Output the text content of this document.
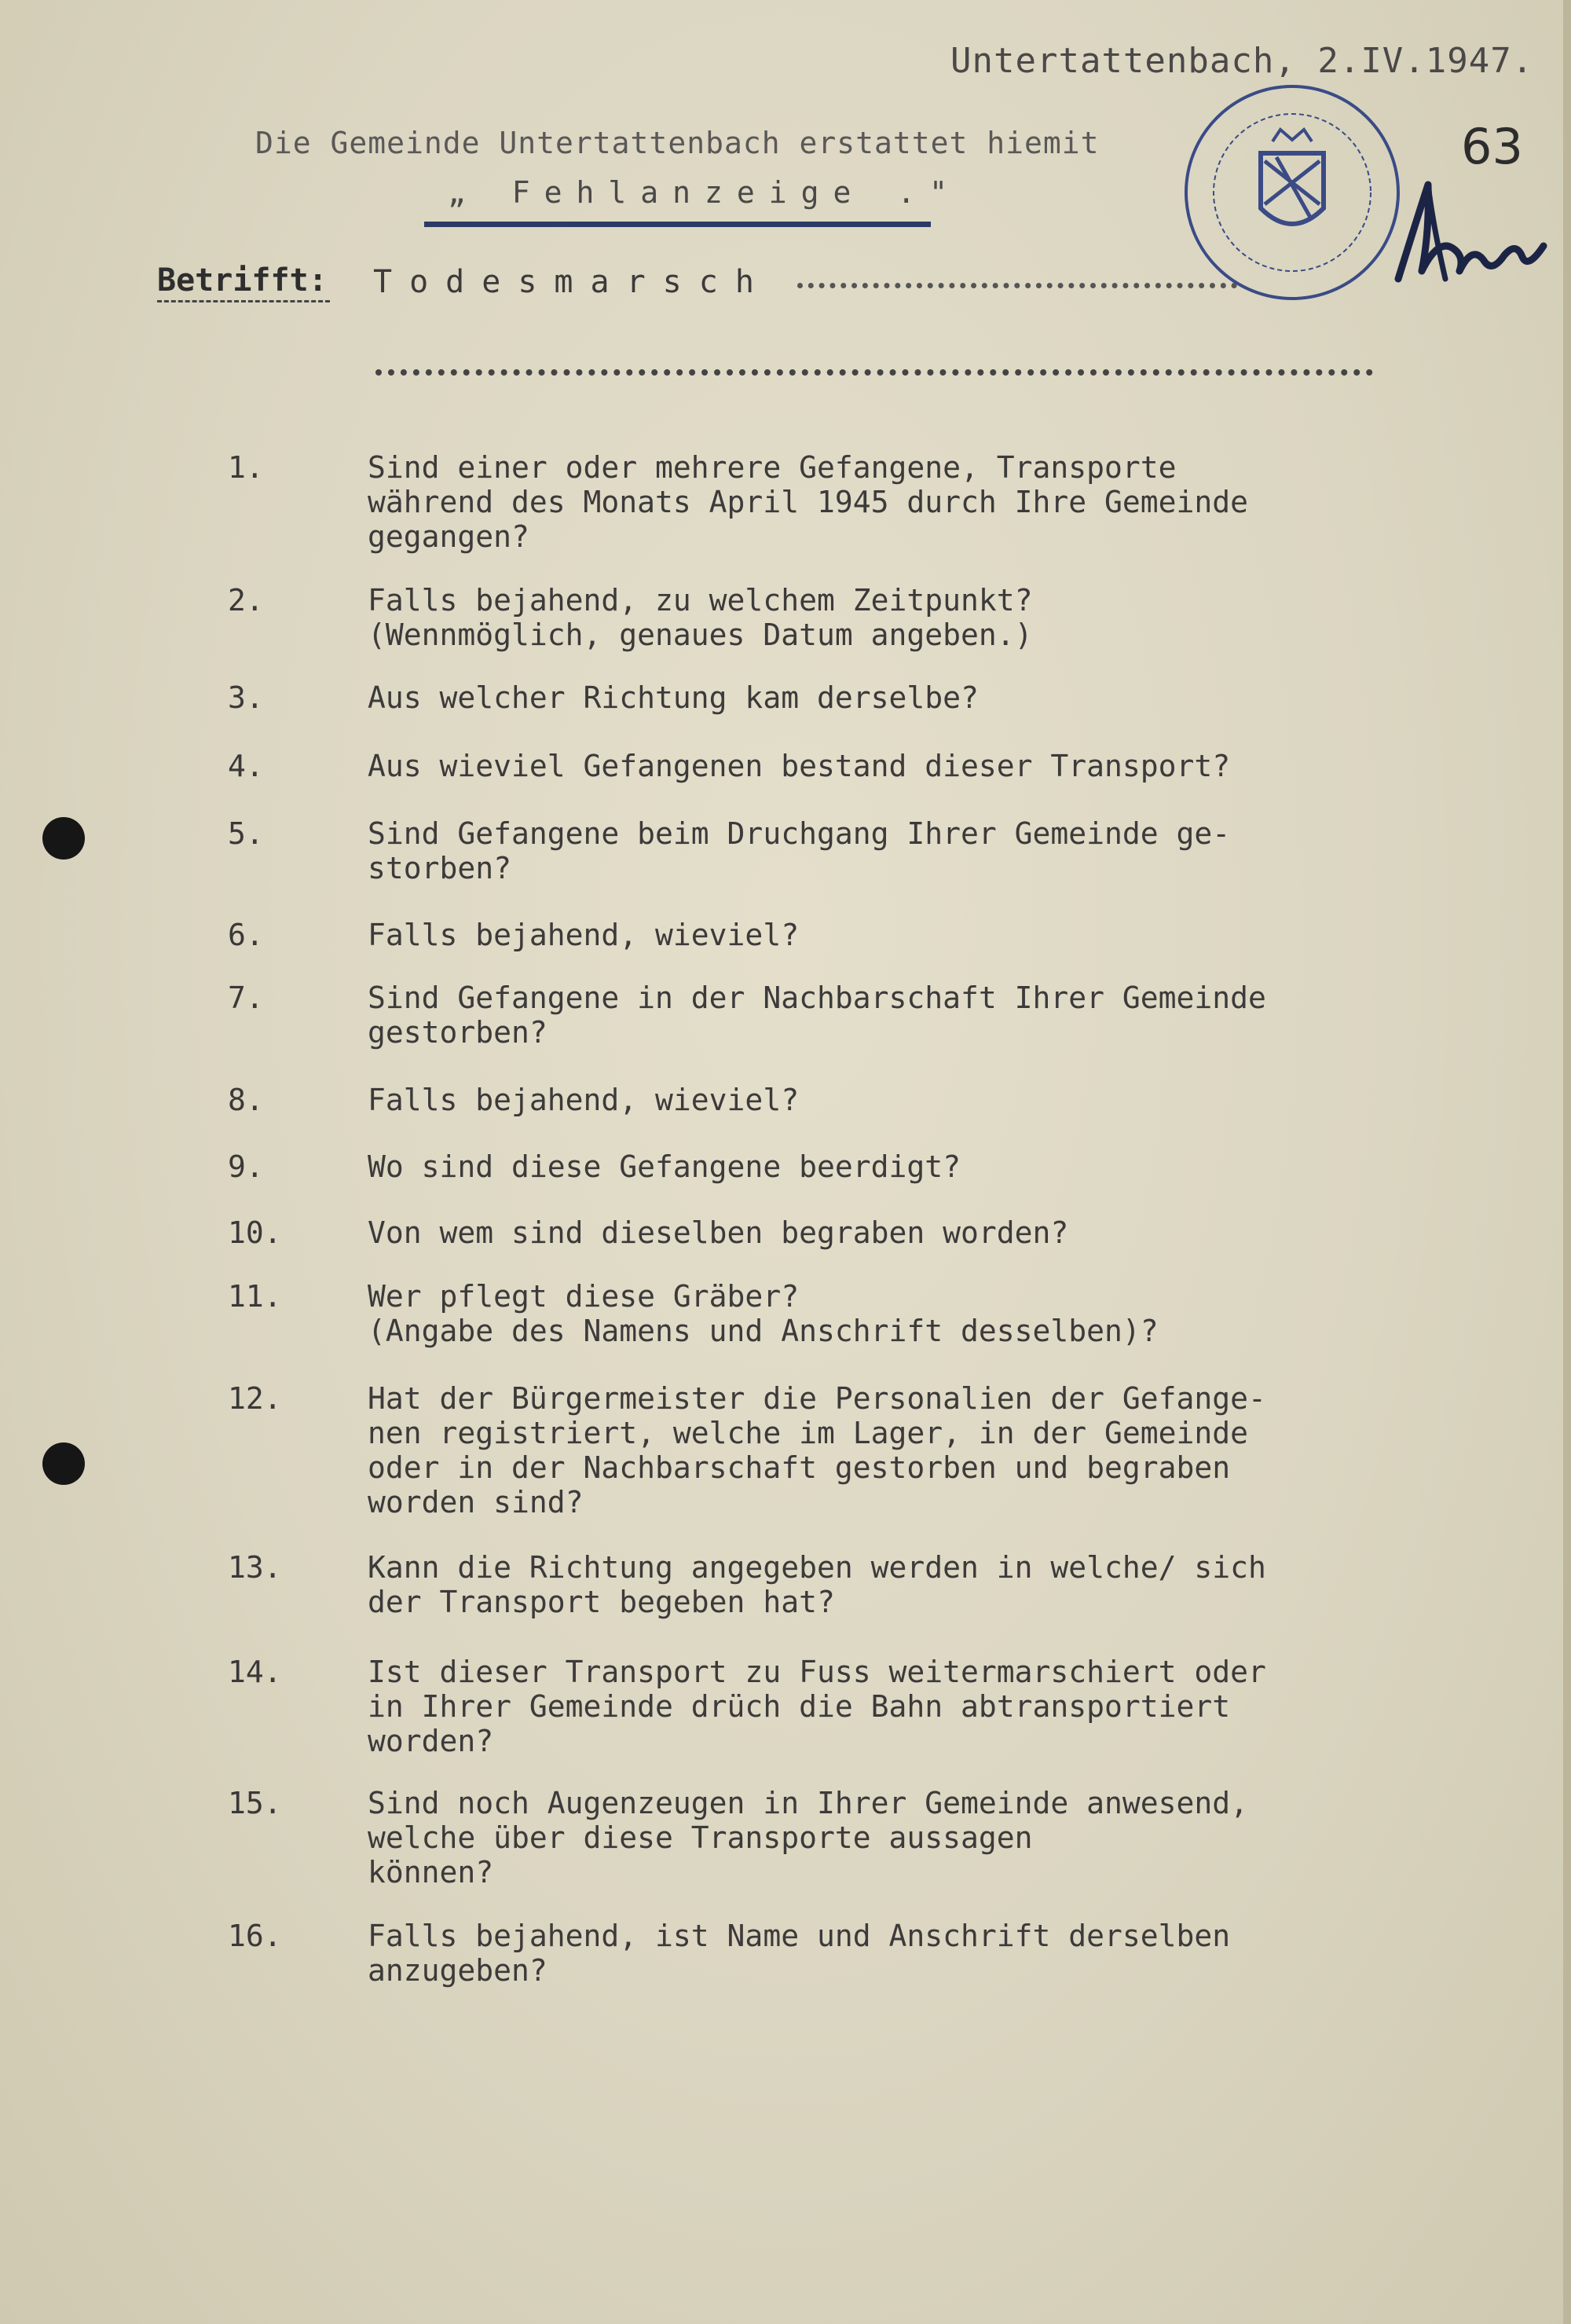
Untertattenbach, 2.IV.1947.
63
Die Gemeinde Untertattenbach erstattet hiemit
„ Fehlanzeige ."
Betrifft: Todesmarsch
1.	Sind einer oder mehrere Gefangene, Transporte
während des Monats April 1945 durch Ihre Gemeinde
gegangen?
2.	Falls bejahend, zu welchem Zeitpunkt?
(Wennmöglich, genaues Datum angeben.)
3.	Aus welcher Richtung kam derselbe?
4.	Aus wieviel Gefangenen bestand dieser Transport?
5.	Sind Gefangene beim Druchgang Ihrer Gemeinde ge-
storben?
6.	Falls bejahend, wieviel?
7.	Sind Gefangene in der Nachbarschaft Ihrer Gemeinde
gestorben?
8.	Falls bejahend, wieviel?
9.	Wo sind diese Gefangene beerdigt?
10.	Von wem sind dieselben begraben worden?
11.	Wer pflegt diese Gräber?
(Angabe des Namens und Anschrift desselben)?
12.	Hat der Bürgermeister die Personalien der Gefange-
nen registriert, welche im Lager, in der Gemeinde
oder in der Nachbarschaft gestorben und begraben
worden sind?
13.	Kann die Richtung angegeben werden in welche/ sich
der Transport begeben hat?
14.	Ist dieser Transport zu Fuss weitermarschiert oder
in Ihrer Gemeinde drüch die Bahn abtransportiert
worden?
15.	Sind noch Augenzeugen in Ihrer Gemeinde anwesend,
welche über diese Transporte aussagen
können?
16.	Falls bejahend, ist Name und Anschrift derselben
anzugeben?
